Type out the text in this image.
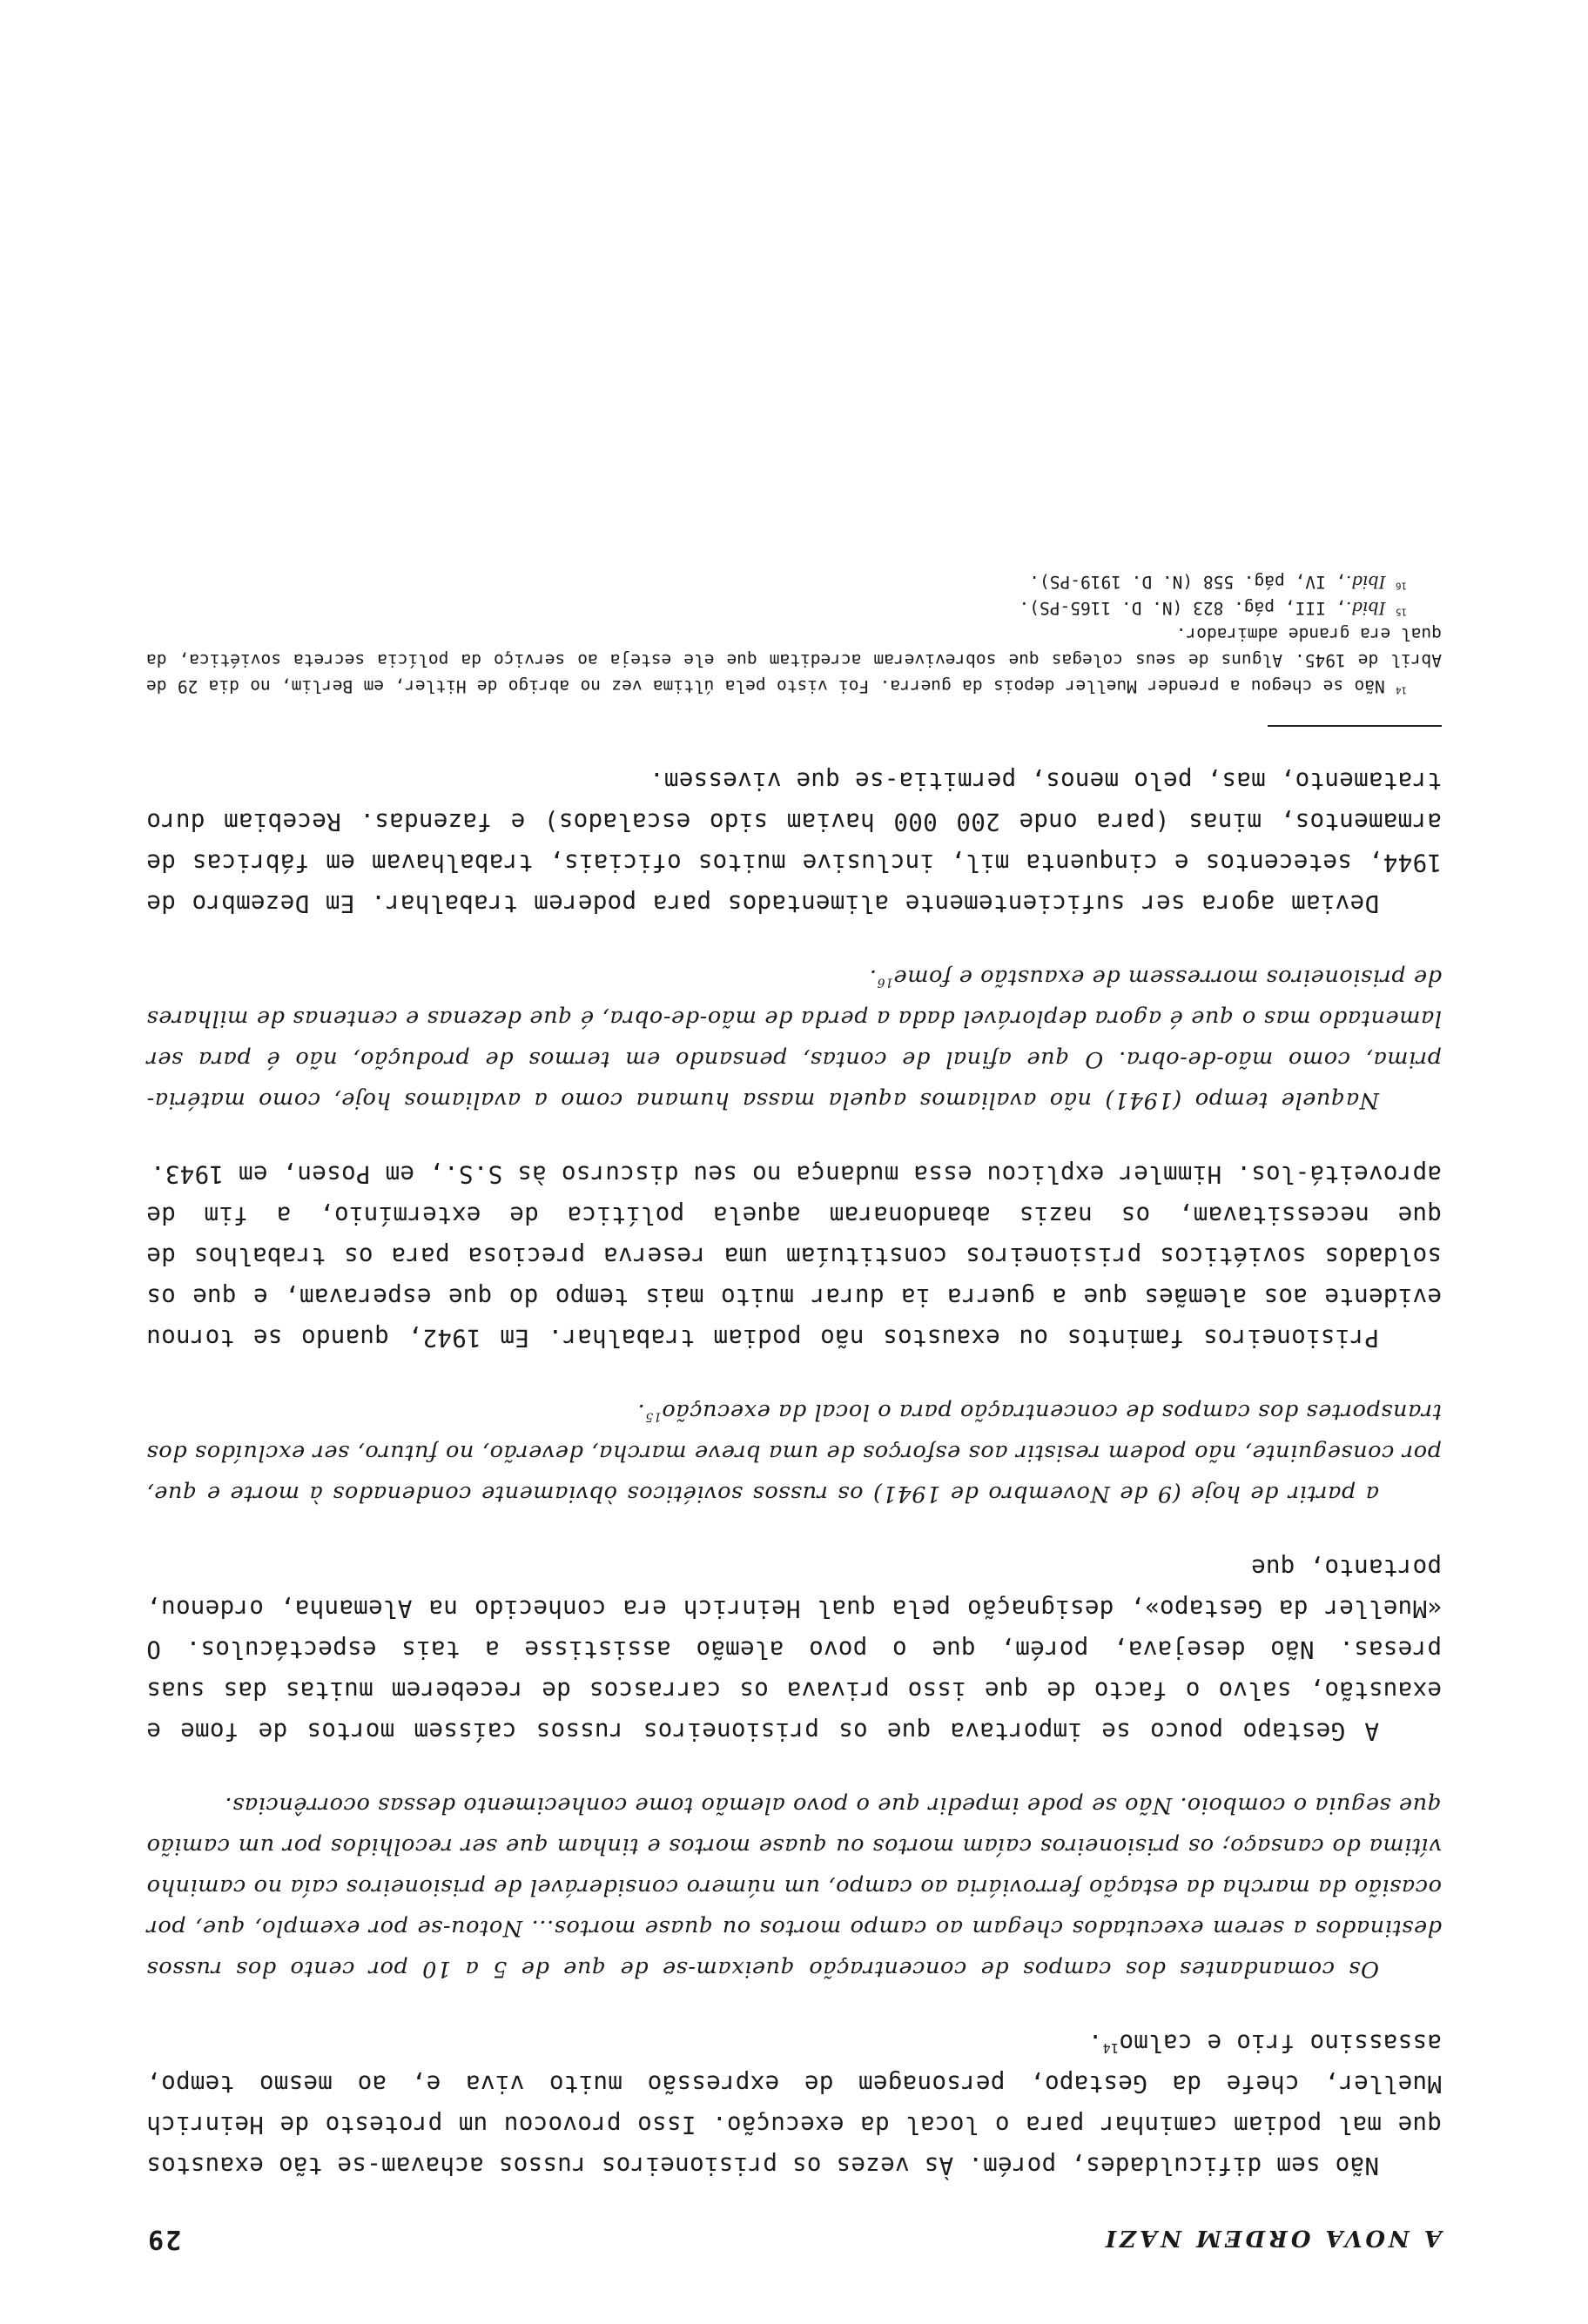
A NOVA ORDEM NAZI
29

Não sem dificuldades, porém. Às vezes os prisioneiros russos achavam-se tão exaustos que mal podiam caminhar para o local da execução. Isso provocou um protesto de Heinrich Mueller, chefe da Gestapo, personagem de expressão muito viva e, ao mesmo tempo, assassino frio e calmo$^{14}$.

Os comandantes dos campos de concentração queixam-se de que de 5 a 10 por cento dos russos destinados a serem executados chegam ao campo mortos ou quase mortos... Notou-se por exemplo, que, por ocasião da marcha da estação ferroviária ao campo, um número considerável de prisioneiros caía no caminho vítima do cansaço; os prisioneiros caíam mortos ou quase mortos e tinham que ser recolhidos por um camião que seguia o comboio. Não se pode impedir que o povo alemão tome conhecimento dessas ocorrências.

A Gestapo pouco se importava que os prisioneiros russos caíssem mortos de fome e exaustão, salvo o facto de que isso privava os carrascos de receberem muitas das suas presas. Não desejava, porém, que o povo alemão assistisse a tais espectáculos. O «Mueller da Gestapo», designação pela qual Heinrich era conhecido na Alemanha, ordenou, portanto, que

a partir de hoje (9 de Novembro de 1941) os russos soviéticos òbviamente condenados à morte e que, por conseguinte, não podem resistir aos esforços de uma breve marcha, deverão, no futuro, ser excluídos dos transportes dos campos de concentração para o local da execução$^{15}$.

Prisioneiros famintos ou exaustos não podiam trabalhar. Em 1942, quando se tornou evidente aos alemães que a guerra ia durar muito mais tempo do que esperavam, e que os soldados soviéticos prisioneiros constituíam uma reserva preciosa para os trabalhos de que necessitavam, os nazis abandonaram aquela política de extermínio, a fim de aproveitá-los. Himmler explicou essa mudança no seu discurso às S.S., em Posen, em 1943.

Naquele tempo (1941) não avaliamos aquela massa humana como a avaliamos hoje, como matéria-prima, como mão-de-obra. O que afinal de contas, pensando em termos de produção, não é para ser lamentado mas o que é agora deplorável dada a perda de mão-de-obra, é que dezenas e centenas de milhares de prisioneiros morressem de exaustão e fome$^{16}$.

Deviam agora ser suficientemente alimentados para poderem trabalhar. Em Dezembro de 1944, setecentos e cinquenta mil, inclusive muitos oficiais, trabalhavam em fábricas de armamentos, minas (para onde 200 000 haviam sido escalados) e fazendas. Recebiam duro tratamento, mas, pelo menos, permitia-se que vivessem.

$^{14}$ Não se chegou a prender Mueller depois da guerra. Foi visto pela última vez no abrigo de Hitler, em Berlim, no dia 29 de Abril de 1945. Alguns de seus colegas que sobreviveram acreditam que ele esteja ao serviço da polícia secreta soviética, da qual era grande admirador.

$^{15}$ Ibid., III, pág. 823 (N. D. 1165-PS).

$^{16}$ Ibid., IV, pág. 558 (N. D. 1919-PS).
